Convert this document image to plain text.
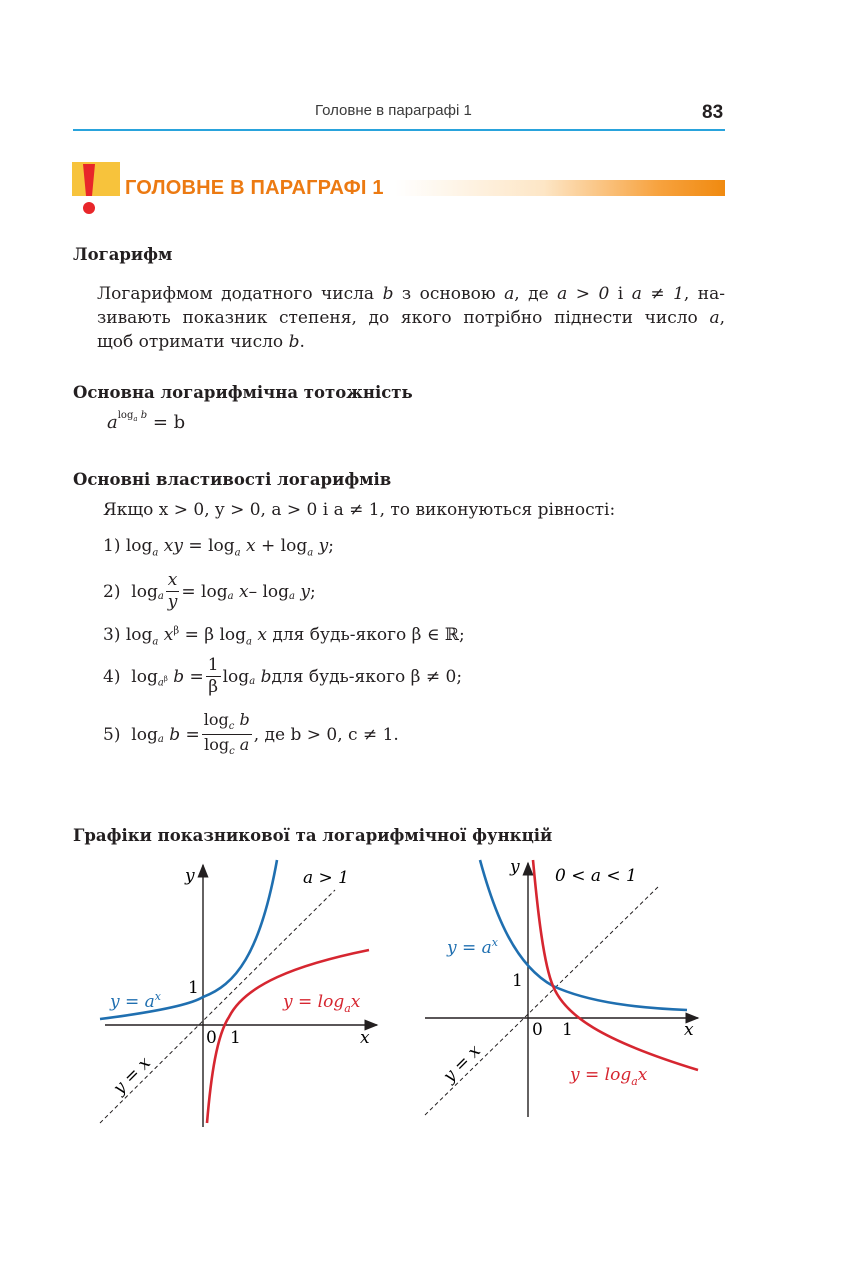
Головне в параграфі 1	83
ГОЛОВНЕ В ПАРАГРАФІ 1
Логарифм
Логарифмом додатного числа b з основою a, де a > 0 і a ≠ 1, на-
зивають показник степеня, до якого потрібно піднести число a,
щоб отримати число b.
Основна логарифмічна тотожність
$a^{log_a b} = b$
Основні властивості логарифмів
Якщо x > 0, y > 0, a > 0 і a ≠ 1, то виконуються рівності:
1) $\log_a$ xy = $\log_a x + \log_a y$;
2)
$\log _a \frac{x}{y} = \log _a$
x – log $_a$
y ;
3) $\log_a x^\beta = \beta$ $\log_a x$ для будь-якого β ∈ ℝ;
4)
log $_{a^\beta}$
b
= $\frac{1}{\beta}$ log $_a$
b для будь-якого β ≠ 0;
5)
log $_a$
b
= $\frac{\log_c b}{\log_c a}$ , де b > 0, c ≠ 1.
Графіки показникової та логарифмічної функцій
y
x
0 1
1
a > 1
$y = a^x$	$y = \log_ax$
y = x
y
x
0 1
1
0 < a < 1
$y = a^x$
$y = \log_ax$
y = x
